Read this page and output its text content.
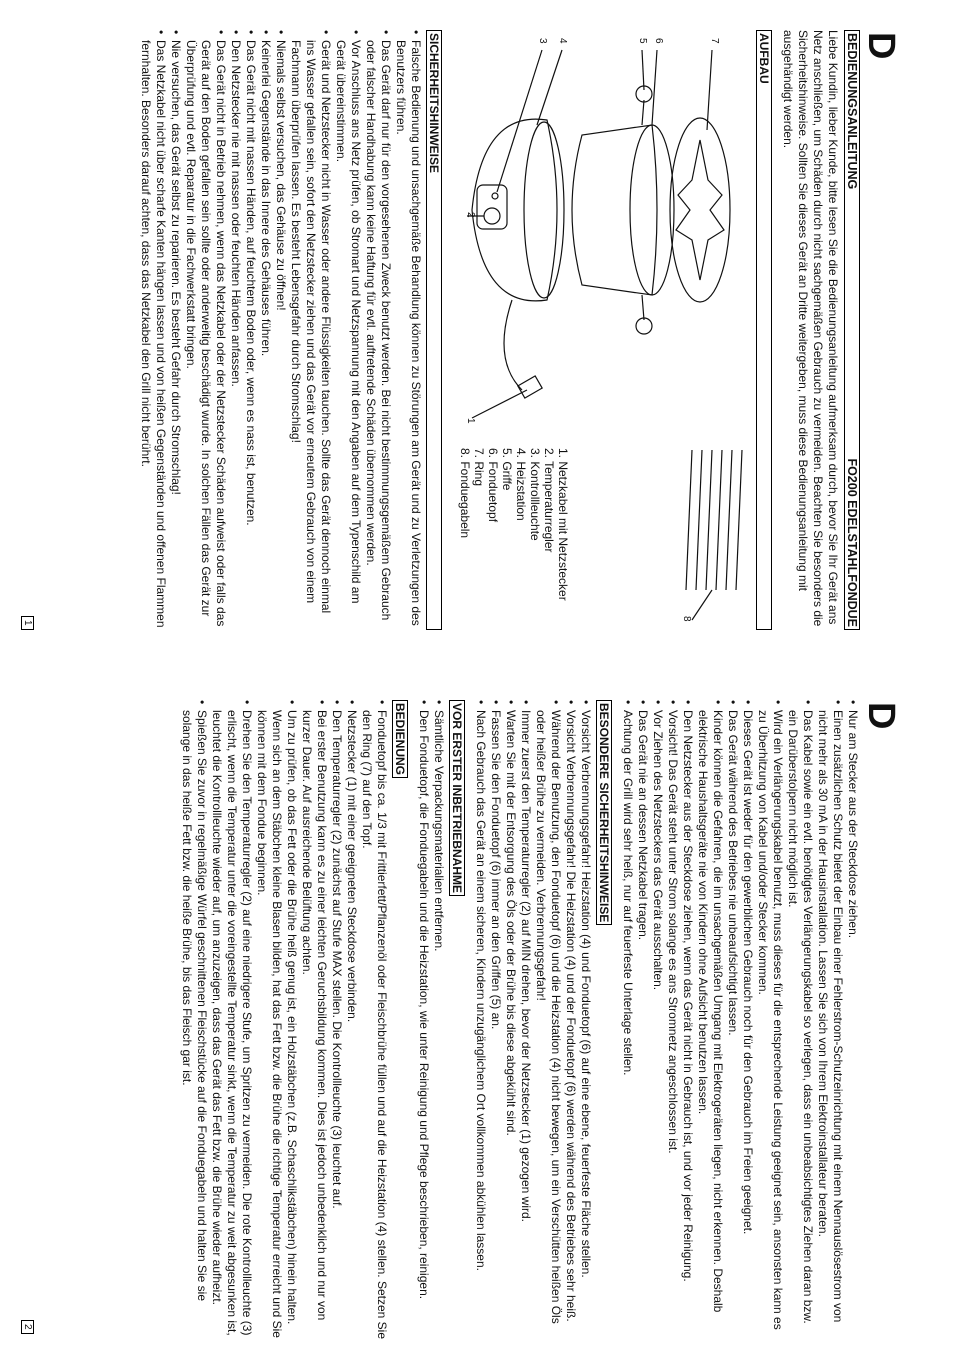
D
BEDIENUNGSANLEITUNG
FO200 EDELSTAHLFONDUE

Liebe Kundin, lieber Kunde, bitte lesen Sie die Bedienungsanleitung aufmerksam durch, bevor Sie Ihr Gerät ans Netz anschließen, um Schäden durch nicht sachgemäßen Gebrauch zu vermeiden. Beachten Sie besonders die Sicherheitshinweise. Sollten Sie dieses Gerät an Dritte weitergeben, muss diese Bedienungsanleitung mit ausgehändigt werden.

AUFBAU
7
6
5
4
3
2
1
8
1. Netzkabel mit Netzstecker
2. Temperaturregler
3. Kontrollleuchte
4. Heizstation
5. Griffe
6. Fonduetopf
7. Ring
8. Fonduegabeln
SICHERHEITSHINWEISE
• Falsche Bedienung und unsachgemäße Behandlung können zu Störungen am Gerät und zu Verletzungen des Benutzers führen.
• Das Gerät darf nur für den vorgesehenen Zweck benutzt werden. Bei nicht bestimmungsgemäßem Gebrauch oder falscher Handhabung kann keine Haftung für evtl. auftretende Schäden übernommen werden.
• Vor Anschluss ans Netz prüfen, ob Stromart und Netzspannung mit den Angaben auf dem Typenschild am Gerät übereinstimmen.
• Gerät und Netzstecker nicht in Wasser oder andere Flüssigkeiten tauchen. Sollte das Gerät dennoch einmal ins Wasser gefallen sein, sofort den Netzstecker ziehen und das Gerät vor erneutem Gebrauch von einem Fachmann überprüfen lassen. Es besteht Lebensgefahr durch Stromschlag!
• Niemals selbst versuchen, das Gehäuse zu öffnen!
• Keinerlei Gegenstände in das Innere des Gehäuses führen.
• Das Gerät nicht mit nassen Händen, auf feuchtem Boden oder, wenn es nass ist, benutzen.
• Den Netzstecker nie mit nassen oder feuchten Händen anfassen.
• Das Gerät nicht in Betrieb nehmen, wenn das Netzkabel oder der Netzstecker Schäden aufweist oder falls das Gerät auf den Boden gefallen sein sollte oder anderweitig beschädigt wurde. In solchen Fällen das Gerät zur Überprüfung und evtl. Reparatur in die Fachwerkstatt bringen.
• Nie versuchen, das Gerät selbst zu reparieren. Es besteht Gefahr durch Stromschlag!
• Das Netzkabel nicht über scharfe Kanten hängen lassen und von heißen Gegenständen und offenen Flammen fernhalten. Besonders darauf achten, dass das Netzkabel den Grill nicht berührt.
1
D
• Nur am Stecker aus der Steckdose ziehen.
• Einen zusätzlichen Schutz bietet der Einbau einer Fehlerstrom-Schutzeinrichtung mit einem Nennauslösestrom von nicht mehr als 30 mA in der Hausinstallation. Lassen Sie sich von Ihrem Elektroinstallateur beraten.
• Das Kabel sowie ein evtl. benötigtes Verlängerungskabel so verlegen, dass ein unbeabsichtigtes Ziehen daran bzw. ein Darüberstolpern nicht möglich ist.
• Wird ein Verlängerungskabel benutzt, muss dieses für die entsprechende Leistung geeignet sein, ansonsten kann es zu Überhitzung von Kabel und/oder Stecker kommen.
• Dieses Gerät ist weder für den gewerblichen Gebrauch noch für den Gebrauch im Freien geeignet.
• Das Gerät während des Betriebes nie unbeaufsichtigt lassen.
• Kinder können die Gefahren, die im unsachgemäßen Umgang mit Elektrogeräten liegen, nicht erkennen. Deshalb elektrische Haushaltsgeräte nie von Kindern ohne Aufsicht benutzen lassen.
• Den Netzstecker aus der Steckdose ziehen, wenn das Gerät nicht in Gebrauch ist, und vor jeder Reinigung.
• Vorsicht! Das Gerät steht unter Strom solange es ans Stromnetz angeschlossen ist.
• Vor Ziehen des Netzsteckers das Gerät ausschalten.
• Das Gerät nie an dessen Netzkabel tragen.
• Achtung der Grill wird sehr heiß, nur auf feuerfeste Unterlage stellen.
BESONDERE SICHERHEITSHINWEISE
• Vorsicht Verbrennungsgefahr! Heizstation (4) und Fonduetopf (6) auf eine ebene, feuerfeste Fläche stellen.
• Vorsicht Verbrennungsgefahr! Die Heizstation (4) und der Fonduetopf (6) werden während des Betriebes sehr heiß.
• Während der Benutzung, den Fonduetopf (6) und die Heizstation (4) nicht bewegen, um ein Verschütten heißen Öls oder heißer Brühe zu vermeiden. Verbrennungsgefahr!
• Immer zuerst den Temperaturregler (2) auf MIN drehen, bevor der Netzstecker (1) gezogen wird.
• Warten Sie mit der Entsorgung des Öls oder der Brühe bis diese abgekühlt sind.
• Fassen Sie den Fonduetopf (6) immer an den Griffen (5) an.
• Nach Gebrauch das Gerät an einem sicheren, Kindern unzugänglichem Ort vollkommen abkühlen lassen.
VOR ERSTER INBETRIEBNAHME
• Sämtliche Verpackungsmaterialien entfernen.
• Den Fonduetopf, die Fonduegabeln und die Heizstation, wie unter Reinigung und Pflege beschrieben, reinigen.
BEDIENUNG
• Fonduetopf bis ca. 1/3 mit Frittierfett/Pflanzenöl oder Fleischbrühe füllen und auf die Heizstation (4) stellen. Setzen Sie den Ring (7) auf den Topf.
• Netzstecker (1) mit einer geeigneten Steckdose verbinden.
• Den Temperaturregler (2) zunächst auf Stufe MAX stellen. Die Kontrollleuchte (3) leuchtet auf.
• Bei erster Benutzung kann es zu einer leichten Geruchsbildung kommen. Dies ist jedoch unbedenklich und nur von kurzer Dauer. Auf ausreichende Belüftung achten.
• Um zu prüfen, ob das Fett oder die Brühe heiß genug ist, ein Holzstäbchen (z.B. Schaschlikstäbchen) hinein halten. Wenn sich an dem Stäbchen kleine Blasen bilden, hat das Fett bzw. die Brühe die richtige Temperatur erreicht und Sie können mit dem Fondue beginnen.
• Drehen Sie den Temperaturregler (2) auf eine niedrigere Stufe, um Spritzen zu vermeiden. Die rote Kontrollleuchte (3) erlischt, wenn die Temperatur unter die voreingestellte Temperatur sinkt, wenn die Temperatur zu weit abgesunken ist, leuchtet die Kontrollleuchte wieder auf, um anzuzeigen, dass das Gerät das Fett bzw. die Brühe wieder aufheizt.
• Spießen Sie zuvor in regelmäßige Würfel geschnittenen Fleischstücke auf die Fonduegabeln und halten Sie sie solange in das heiße Fett bzw. die heiße Brühe, bis das Fleisch gar ist.
2
